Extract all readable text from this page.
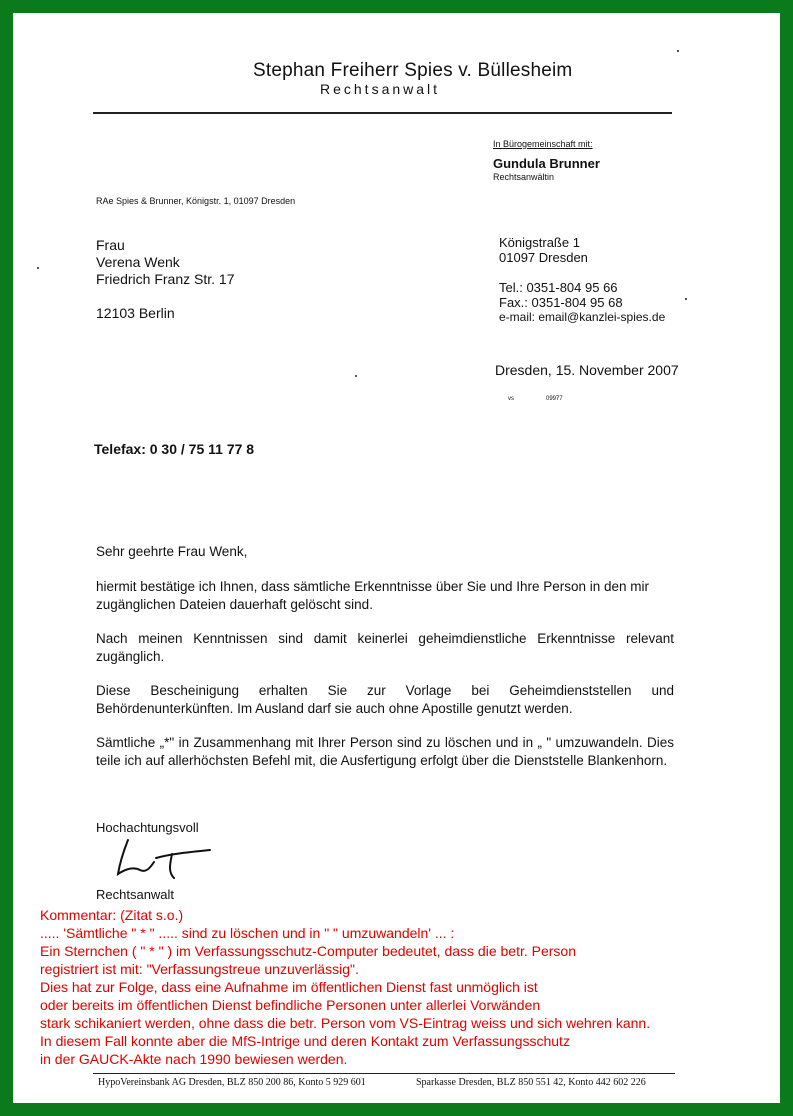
Stephan Freiherr Spies v. Büllesheim
Rechtsanwalt
In Bürogemeinschaft mit:
Gundula Brunner
Rechtsanwältin
RAe Spies & Brunner, Königstr. 1, 01097 Dresden
Frau
Verena Wenk
Friedrich Franz Str. 17
12103 Berlin
Königstraße 1
01097 Dresden
Tel.: 0351-804 95 66
Fax.: 0351-804 95 68
e-mail: email@kanzlei-spies.de
Dresden, 15. November 2007
vs	09977
Telefax: 0 30 / 75 11 77 8
Sehr geehrte Frau Wenk,
hiermit bestätige ich Ihnen, dass sämtliche Erkenntnisse über Sie und Ihre Person in den mir zugänglichen Dateien dauerhaft gelöscht sind.
Nach meinen Kenntnissen sind damit keinerlei geheimdienstliche Erkenntnisse relevant zugänglich.
Diese Bescheinigung erhalten Sie zur Vorlage bei Geheimdienststellen und Behördenunterkünften. Im Ausland darf sie auch ohne Apostille genutzt werden.
Sämtliche „*" in Zusammenhang mit Ihrer Person sind zu löschen und in „ " umzuwandeln. Dies teile ich auf allerhöchsten Befehl mit, die Ausfertigung erfolgt über die Dienststelle Blankenhorn.
Hochachtungsvoll
Rechtsanwalt
Kommentar: (Zitat s.o.)
..... 'Sämtliche " * " ..... sind zu löschen und in " " umzuwandeln' ... :
Ein Sternchen ( " * " ) im Verfassungsschutz-Computer bedeutet, dass die betr. Person
registriert ist mit: "Verfassungstreue unzuverlässig".
Dies hat zur Folge, dass eine Aufnahme im öffentlichen Dienst fast unmöglich ist
oder bereits im öffentlichen Dienst befindliche Personen unter allerlei Vorwänden
stark schikaniert werden, ohne dass die betr. Person vom VS-Eintrag weiss und sich wehren kann.
In diesem Fall konnte aber die MfS-Intrige und deren Kontakt zum Verfassungsschutz
in der GAUCK-Akte nach 1990 bewiesen werden.
HypoVereinsbank AG Dresden, BLZ 850 200 86, Konto 5 929 601	Sparkasse Dresden, BLZ 850 551 42, Konto 442 602 226
